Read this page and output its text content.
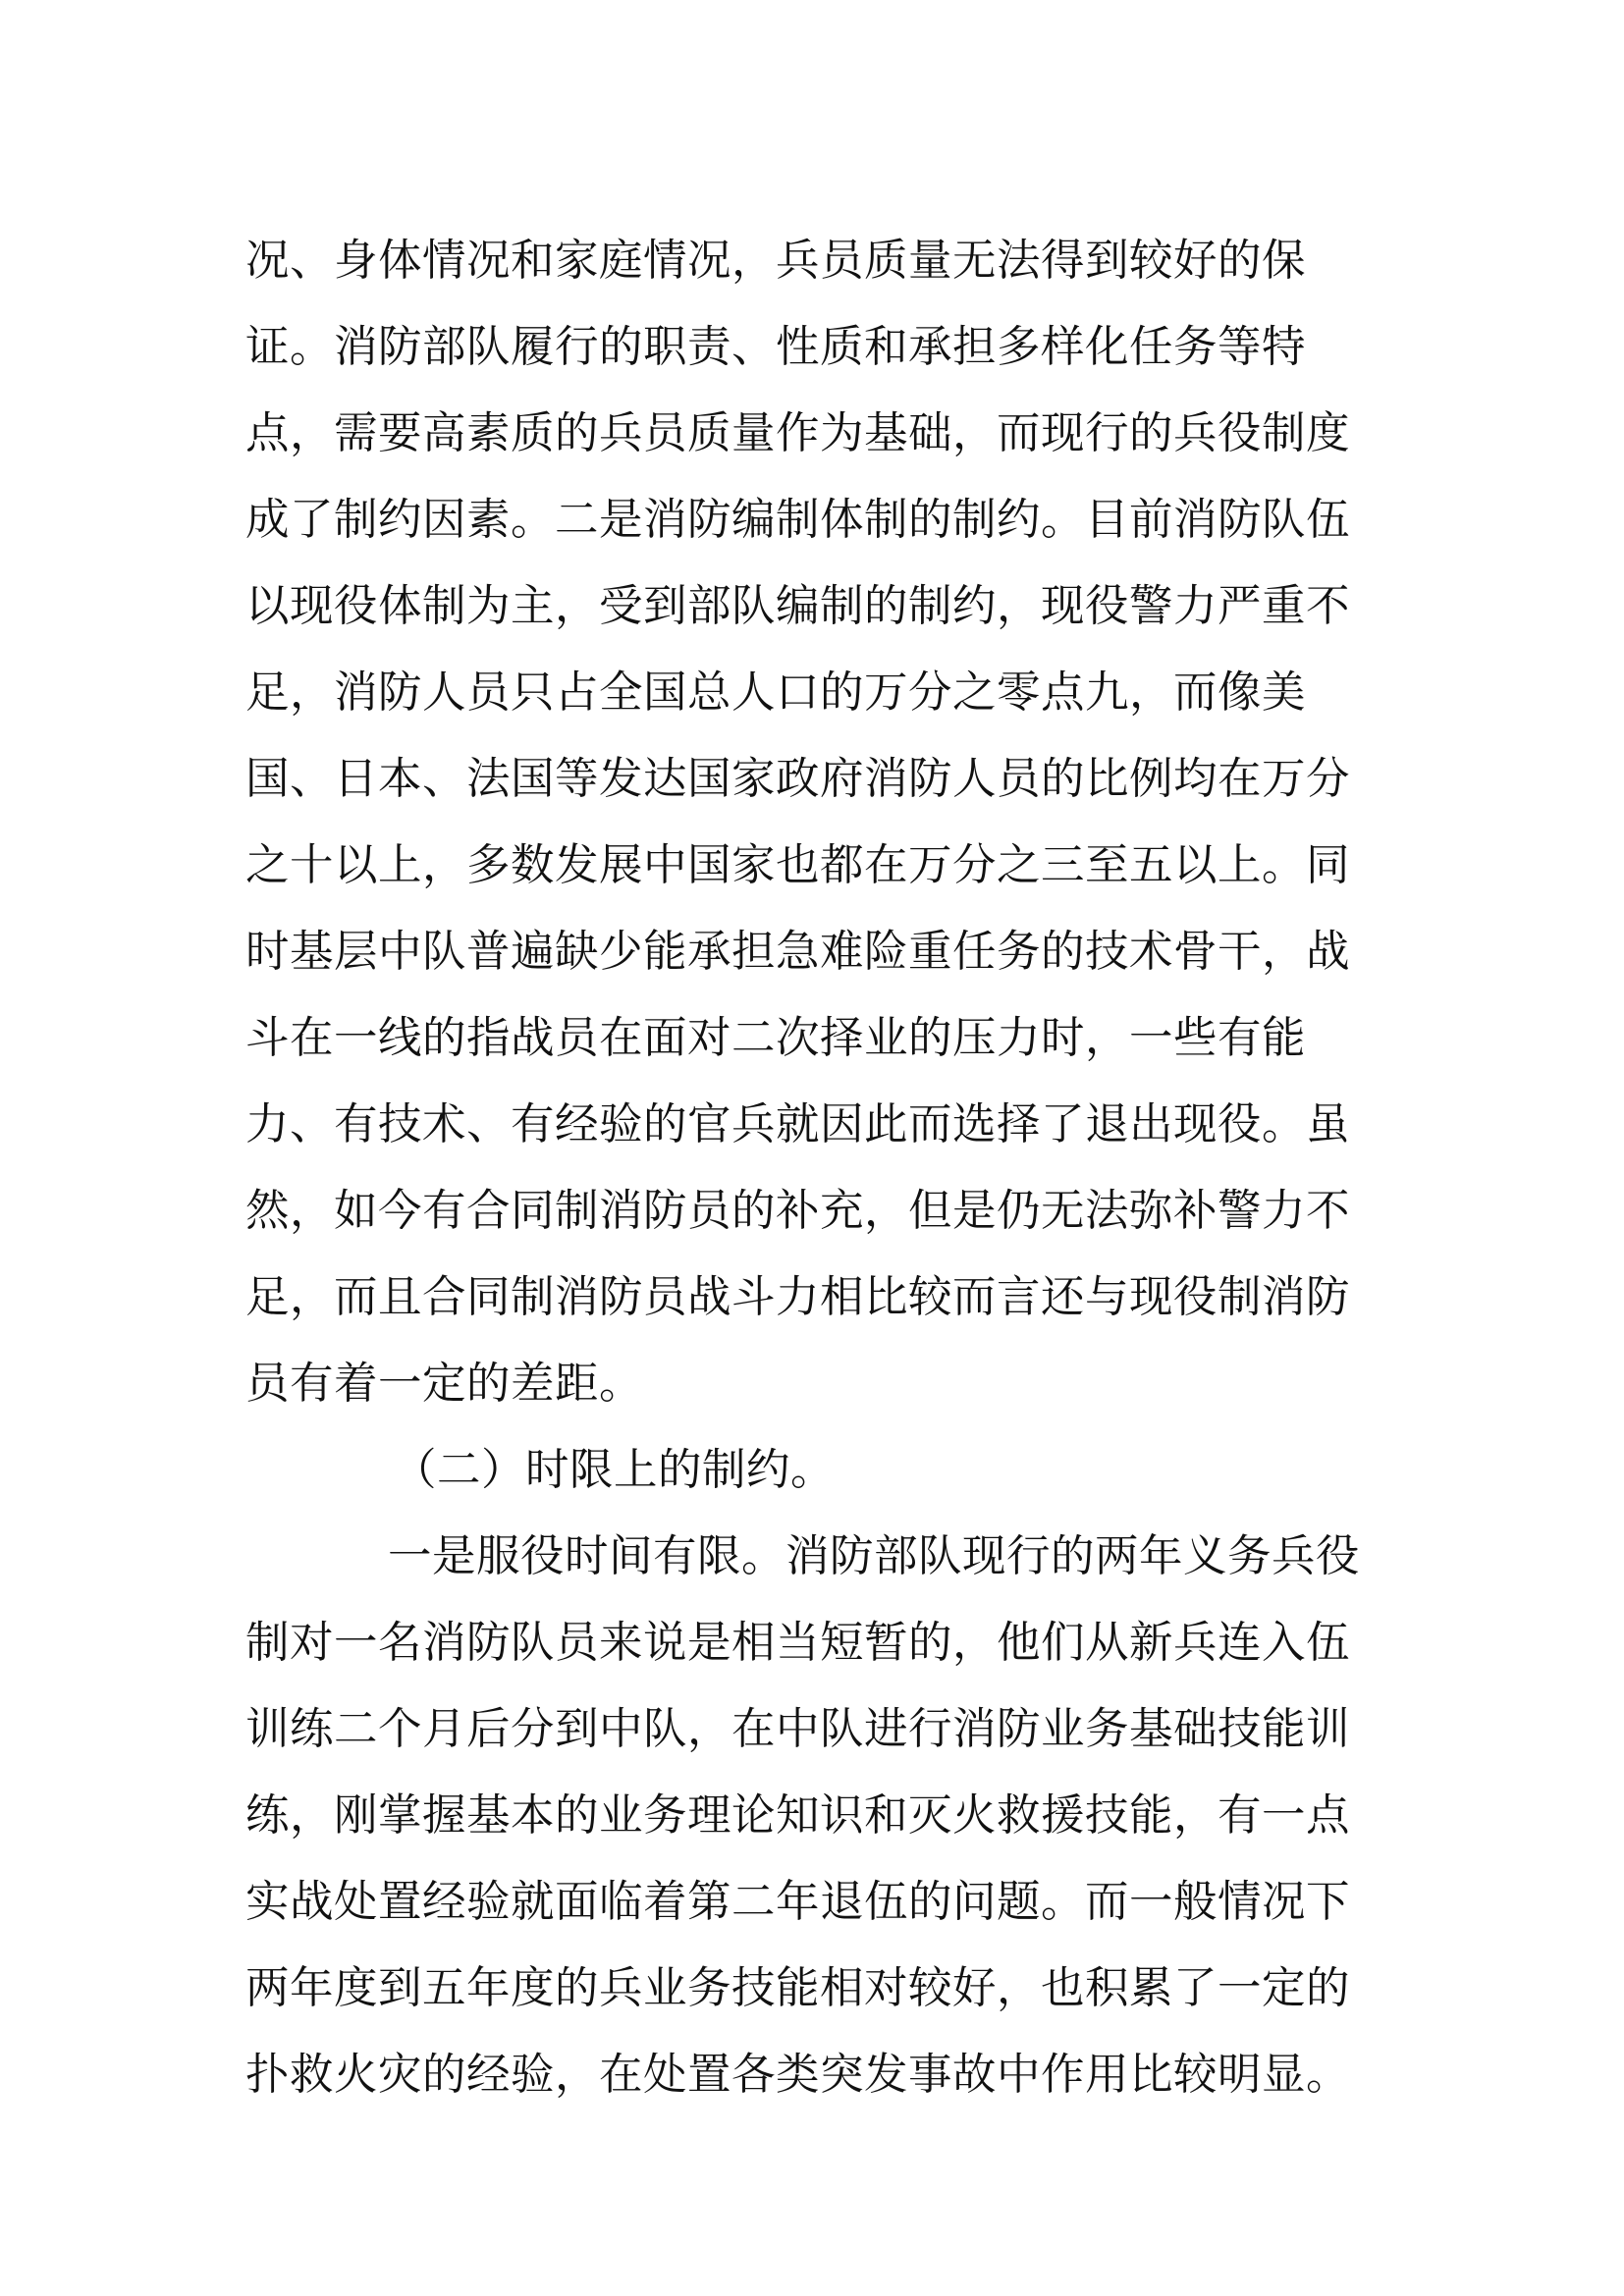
况、身体情况和家庭情况，兵员质量无法得到较好的保
证。消防部队履行的职责、性质和承担多样化任务等特
点，需要高素质的兵员质量作为基础，而现行的兵役制度
成了制约因素。二是消防编制体制的制约。目前消防队伍
以现役体制为主，受到部队编制的制约，现役警力严重不
足，消防人员只占全国总人口的万分之零点九，而像美
国、日本、法国等发达国家政府消防人员的比例均在万分
之十以上，多数发展中国家也都在万分之三至五以上。同
时基层中队普遍缺少能承担急难险重任务的技术骨干，战
斗在一线的指战员在面对二次择业的压力时，一些有能
力、有技术、有经验的官兵就因此而选择了退出现役。虽
然，如今有合同制消防员的补充，但是仍无法弥补警力不
足，而且合同制消防员战斗力相比较而言还与现役制消防
员有着一定的差距。
（二）时限上的制约。
一是服役时间有限。消防部队现行的两年义务兵役
制对一名消防队员来说是相当短暂的，他们从新兵连入伍
训练二个月后分到中队，在中队进行消防业务基础技能训
练，刚掌握基本的业务理论知识和灭火救援技能，有一点
实战处置经验就面临着第二年退伍的问题。而一般情况下
两年度到五年度的兵业务技能相对较好，也积累了一定的
扑救火灾的经验，在处置各类突发事故中作用比较明显。
